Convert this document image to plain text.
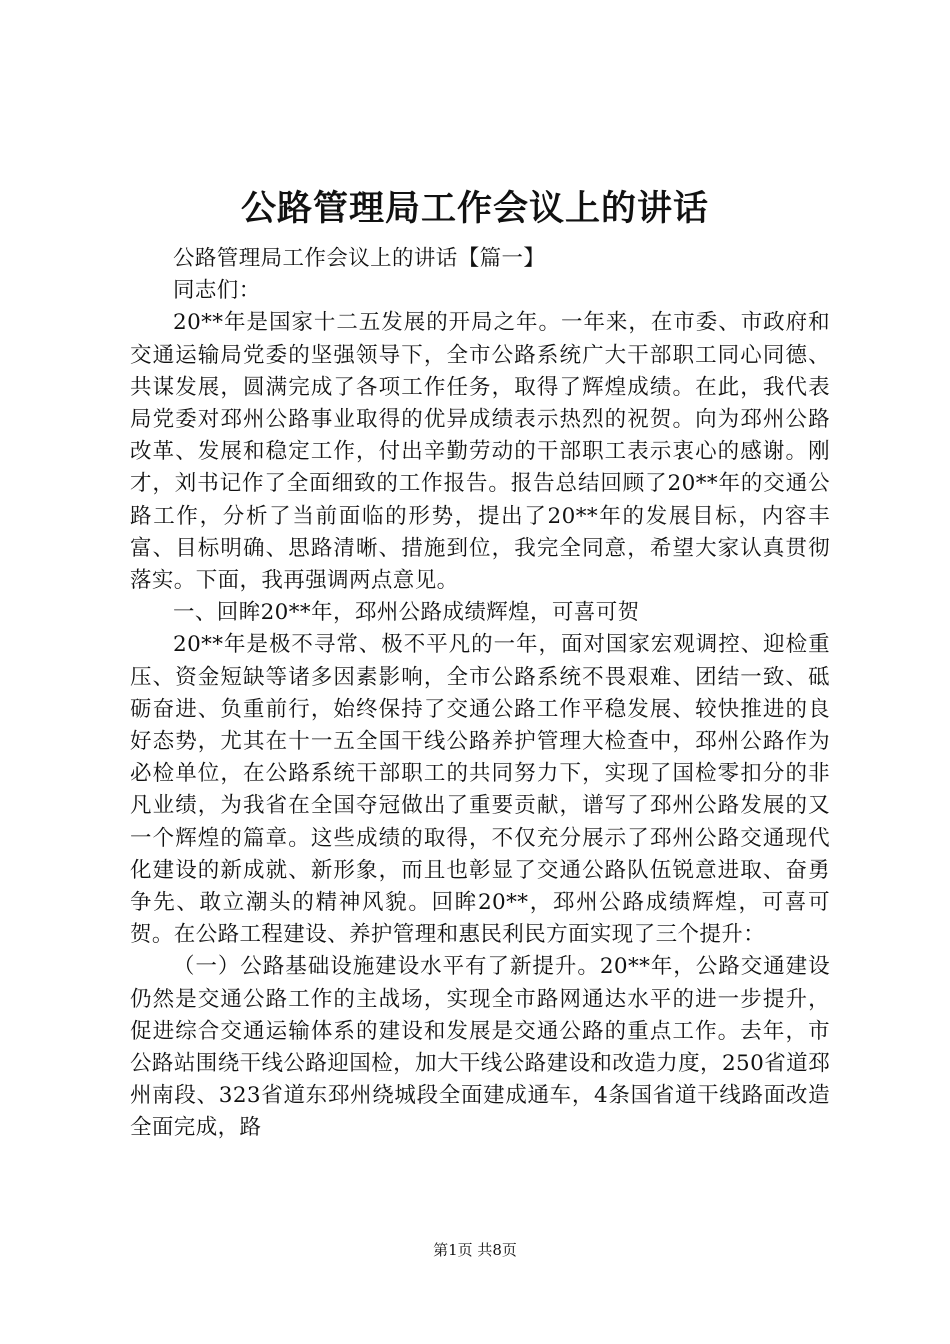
公路管理局工作会议上的讲话

公路管理局工作会议上的讲话【篇一】

同志们：

20**年是国家十二五发展的开局之年。一年来，在市委、市政府和交通运输局党委的坚强领导下，全市公路系统广大干部职工同心同德、共谋发展，圆满完成了各项工作任务，取得了辉煌成绩。在此，我代表局党委对邳州公路事业取得的优异成绩表示热烈的祝贺。向为邳州公路改革、发展和稳定工作，付出辛勤劳动的干部职工表示衷心的感谢。刚才，刘书记作了全面细致的工作报告。报告总结回顾了20**年的交通公路工作，分析了当前面临的形势，提出了20**年的发展目标，内容丰富、目标明确、思路清晰、措施到位，我完全同意，希望大家认真贯彻落实。下面，我再强调两点意见。

一、回眸20**年，邳州公路成绩辉煌，可喜可贺

20**年是极不寻常、极不平凡的一年，面对国家宏观调控、迎检重压、资金短缺等诸多因素影响，全市公路系统不畏艰难、团结一致、砥砺奋进、负重前行，始终保持了交通公路工作平稳发展、较快推进的良好态势，尤其在十一五全国干线公路养护管理大检查中，邳州公路作为必检单位，在公路系统干部职工的共同努力下，实现了国检零扣分的非凡业绩，为我省在全国夺冠做出了重要贡献，谱写了邳州公路发展的又一个辉煌的篇章。这些成绩的取得，不仅充分展示了邳州公路交通现代化建设的新成就、新形象，而且也彰显了交通公路队伍锐意进取、奋勇争先、敢立潮头的精神风貌。回眸20**，邳州公路成绩辉煌，可喜可贺。在公路工程建设、养护管理和惠民利民方面实现了三个提升：

（一）公路基础设施建设水平有了新提升。20**年，公路交通建设仍然是交通公路工作的主战场，实现全市路网通达水平的进一步提升，促进综合交通运输体系的建设和发展是交通公路的重点工作。去年，市公路站围绕干线公路迎国检，加大干线公路建设和改造力度，250省道邳州南段、323省道东邳州绕城段全面建成通车，4条国省道干线路面改造全面完成，路

第1页 共8页
